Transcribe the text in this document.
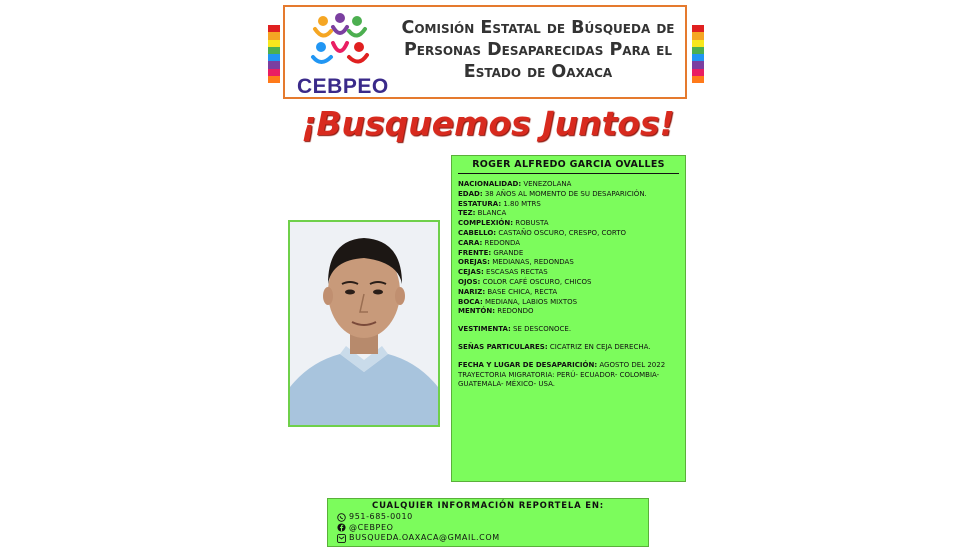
CEBPEO
Comisión Estatal de Búsqueda de
Personas Desaparecidas Para el
Estado de Oaxaca
¡Busquemos Juntos!
ROGER ALFREDO GARCIA OVALLES
NACIONALIDAD: VENEZOLANA
EDAD: 38 AÑOS AL MOMENTO DE SU DESAPARICIÓN.
ESTATURA: 1.80 MTRS
TEZ: BLANCA
COMPLEXIÓN: ROBUSTA
CABELLO: CASTAÑO OSCURO, CRESPO, CORTO
CARA: REDONDA
FRENTE: GRANDE
OREJAS: MEDIANAS, REDONDAS
CEJAS: ESCASAS RECTAS
OJOS: COLOR CAFÉ OSCURO, CHICOS
NARIZ: BASE CHICA, RECTA
BOCA: MEDIANA, LABIOS MIXTOS
MENTÓN: REDONDO
VESTIMENTA: SE DESCONOCE.
SEÑAS PARTICULARES: CICATRIZ EN CEJA DERECHA.
FECHA Y LUGAR DE DESAPARICIÓN: AGOSTO DEL 2022 TRAYECTORIA MIGRATORIA: PERÚ- ECUADOR- COLOMBIA- GUATEMALA- MÉXICO- USA.
CUALQUIER INFORMACIÓN REPORTELA EN:
951-685-0010
@CEBPEO
BUSQUEDA.OAXACA@GMAIL.COM
